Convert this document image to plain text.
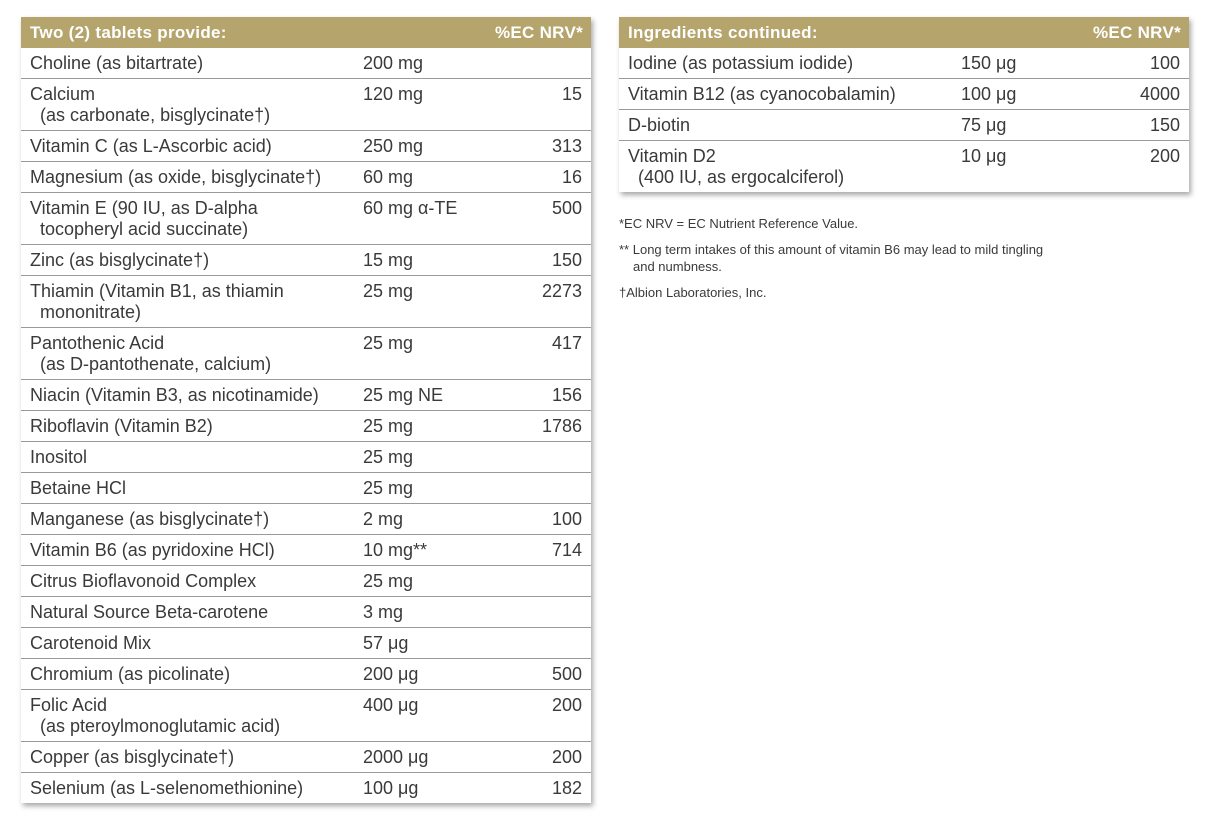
Two (2) tablets provide:	%EC NRV*
Choline (as bitartrate)	200 mg
Calcium
(as carbonate, bisglycinate†)
120 mg	15
Vitamin C (as L-Ascorbic acid)	250 mg	313
Magnesium (as oxide, bisglycinate†)	60 mg	16
Vitamin E (90 IU, as D-alpha
tocopheryl acid succinate)
60 mg α-TE	500
Zinc (as bisglycinate†)	15 mg	150
Thiamin (Vitamin B1, as thiamin
mononitrate)
25 mg	2273
Pantothenic Acid
(as D-pantothenate, calcium)
25 mg	417
Niacin (Vitamin B3, as nicotinamide)	25 mg NE	156
Riboflavin (Vitamin B2)	25 mg	1786
Inositol	25 mg
Betaine HCl	25 mg
Manganese (as bisglycinate†)	2 mg	100
Vitamin B6 (as pyridoxine HCl)	10 mg**	714
Citrus Bioflavonoid Complex	25 mg
Natural Source Beta-carotene	3 mg
Carotenoid Mix	57 μg
Chromium (as picolinate)	200 μg	500
Folic Acid
(as pteroylmonoglutamic acid)
400 μg	200
Copper (as bisglycinate†)	2000 μg	200
Selenium (as L-selenomethionine)	100 μg	182
Ingredients continued:	%EC NRV*
Iodine (as potassium iodide)	150 μg	100
Vitamin B12 (as cyanocobalamin)	100 μg	4000
D-biotin	75 μg	150
Vitamin D2
(400 IU, as ergocalciferol)
10 μg	200

*EC NRV = EC Nutrient Reference Value.

** Long term intakes of this amount of vitamin B6 may lead to mild tingling
and numbness.

†Albion Laboratories, Inc.
